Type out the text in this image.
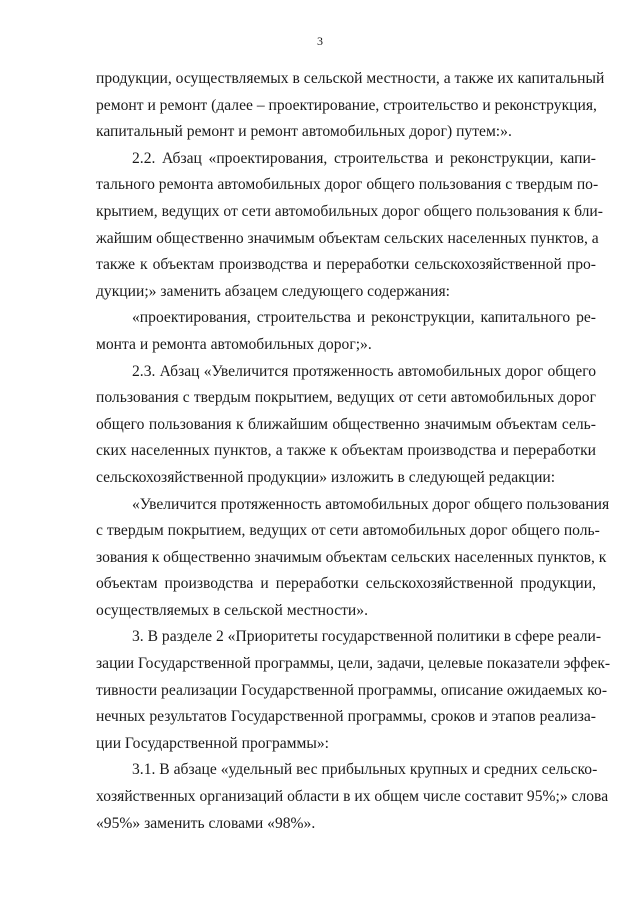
3

продукции, осуществляемых в сельской местности, а также их капитальный
ремонт и ремонт (далее – проектирование, строительство и реконструкция,
капитальный ремонт и ремонт автомобильных дорог) путем:».

2.2. Абзац «проектирования, строительства и реконструкции, капи-
тального ремонта автомобильных дорог общего пользования с твердым по-
крытием, ведущих от сети автомобильных дорог общего пользования к бли-
жайшим общественно значимым объектам сельских населенных пунктов, а
также к объектам производства и переработки сельскохозяйственной про-
дукции;» заменить абзацем следующего содержания:

«проектирования, строительства и реконструкции, капитального ре-
монта и ремонта автомобильных дорог;».

2.3. Абзац «Увеличится протяженность автомобильных дорог общего
пользования с твердым покрытием, ведущих от сети автомобильных дорог
общего пользования к ближайшим общественно значимым объектам сель-
ских населенных пунктов, а также к объектам производства и переработки
сельскохозяйственной продукции» изложить в следующей редакции:

«Увеличится протяженность автомобильных дорог общего пользования
с твердым покрытием, ведущих от сети автомобильных дорог общего поль-
зования к общественно значимым объектам сельских населенных пунктов, к
объектам производства и переработки сельскохозяйственной продукции,
осуществляемых в сельской местности».

3. В разделе 2 «Приоритеты государственной политики в сфере реали-
зации Государственной программы, цели, задачи, целевые показатели эффек-
тивности реализации Государственной программы, описание ожидаемых ко-
нечных результатов Государственной программы, сроков и этапов реализа-
ции Государственной программы»:

3.1. В абзаце «удельный вес прибыльных крупных и средних сельско-
хозяйственных организаций области в их общем числе составит 95%;» слова
«95%» заменить словами «98%».
